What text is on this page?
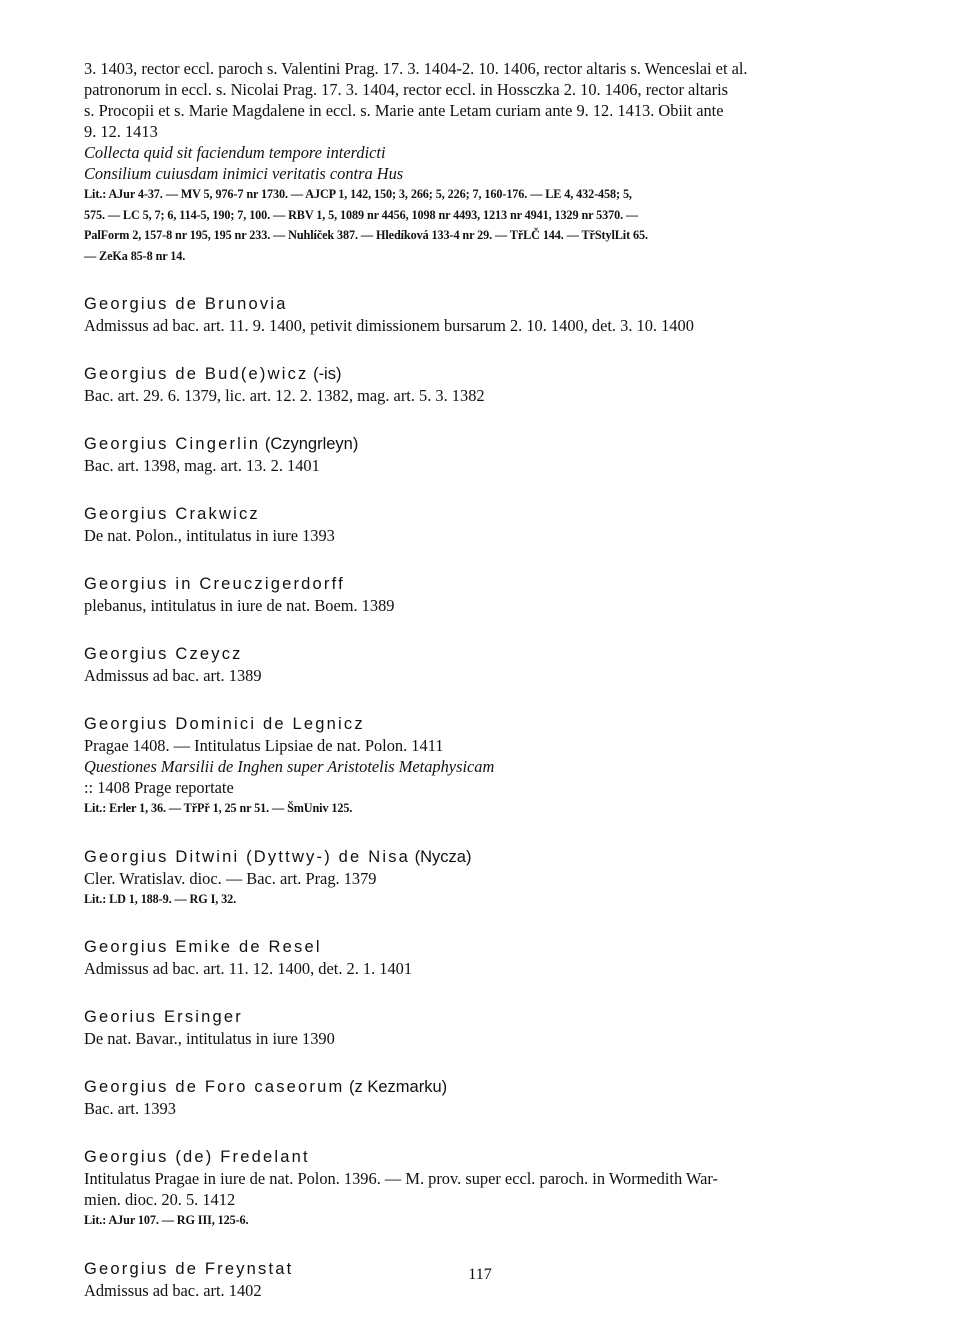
3. 1403, rector eccl. paroch s. Valentini Prag. 17. 3. 1404-2. 10. 1406, rector altaris s. Wenceslai et al.
patronorum in eccl. s. Nicolai Prag. 17. 3. 1404, rector eccl. in Hossczka 2. 10. 1406, rector altaris
s. Procopii et s. Marie Magdalene in eccl. s. Marie ante Letam curiam ante 9. 12. 1413. Obiit ante
9. 12. 1413
Collecta quid sit faciendum tempore interdicti
Consilium cuiusdam inimici veritatis contra Hus
Lit.: AJur 4-37. — MV 5, 976-7 nr 1730. — AJCP 1, 142, 150; 3, 266; 5, 226; 7, 160-176. — LE 4, 432-458; 5,
575. — LC 5, 7; 6, 114-5, 190; 7, 100. — RBV 1, 5, 1089 nr 4456, 1098 nr 4493, 1213 nr 4941, 1329 nr 5370. —
PalForm 2, 157-8 nr 195, 195 nr 233. — Nuhlíček 387. — Hledíková 133-4 nr 29. — TřLČ 144. — TřStylLit 65.
— ZeKa 85-8 nr 14.
Georgius de Brunovia
Admissus ad bac. art. 11. 9. 1400, petivit dimissionem bursarum 2. 10. 1400, det. 3. 10. 1400
Georgius de Bud(e)wicz (-is)
Bac. art. 29. 6. 1379, lic. art. 12. 2. 1382, mag. art. 5. 3. 1382
Georgius Cingerlin (Czyngrleyn)
Bac. art. 1398, mag. art. 13. 2. 1401
Georgius Crakwicz
De nat. Polon., intitulatus in iure 1393
Georgius in Creuczigerdorff
plebanus, intitulatus in iure de nat. Boem. 1389
Georgius Czeycz
Admissus ad bac. art. 1389
Georgius Dominici de Legnicz
Pragae 1408. — Intitulatus Lipsiae de nat. Polon. 1411
Questiones Marsilii de Inghen super Aristotelis Metaphysicam
:: 1408 Prage reportate
Lit.: Erler 1, 36. — TřPř 1, 25 nr 51. — ŠmUniv 125.
Georgius Ditwini (Dyttwy-) de Nisa (Nycza)
Cler. Wratislav. dioc. — Bac. art. Prag. 1379
Lit.: LD 1, 188-9. — RG I, 32.
Georgius Emike de Resel
Admissus ad bac. art. 11. 12. 1400, det. 2. 1. 1401
Georius Ersinger
De nat. Bavar., intitulatus in iure 1390
Georgius de Foro caseorum (z Kezmarku)
Bac. art. 1393
Georgius (de) Fredelant
Intitulatus Pragae in iure de nat. Polon. 1396. — M. prov. super eccl. paroch. in Wormedith War-
mien. dioc. 20. 5. 1412
Lit.: AJur 107. — RG III, 125-6.
Georgius de Freynstat
Admissus ad bac. art. 1402
117
